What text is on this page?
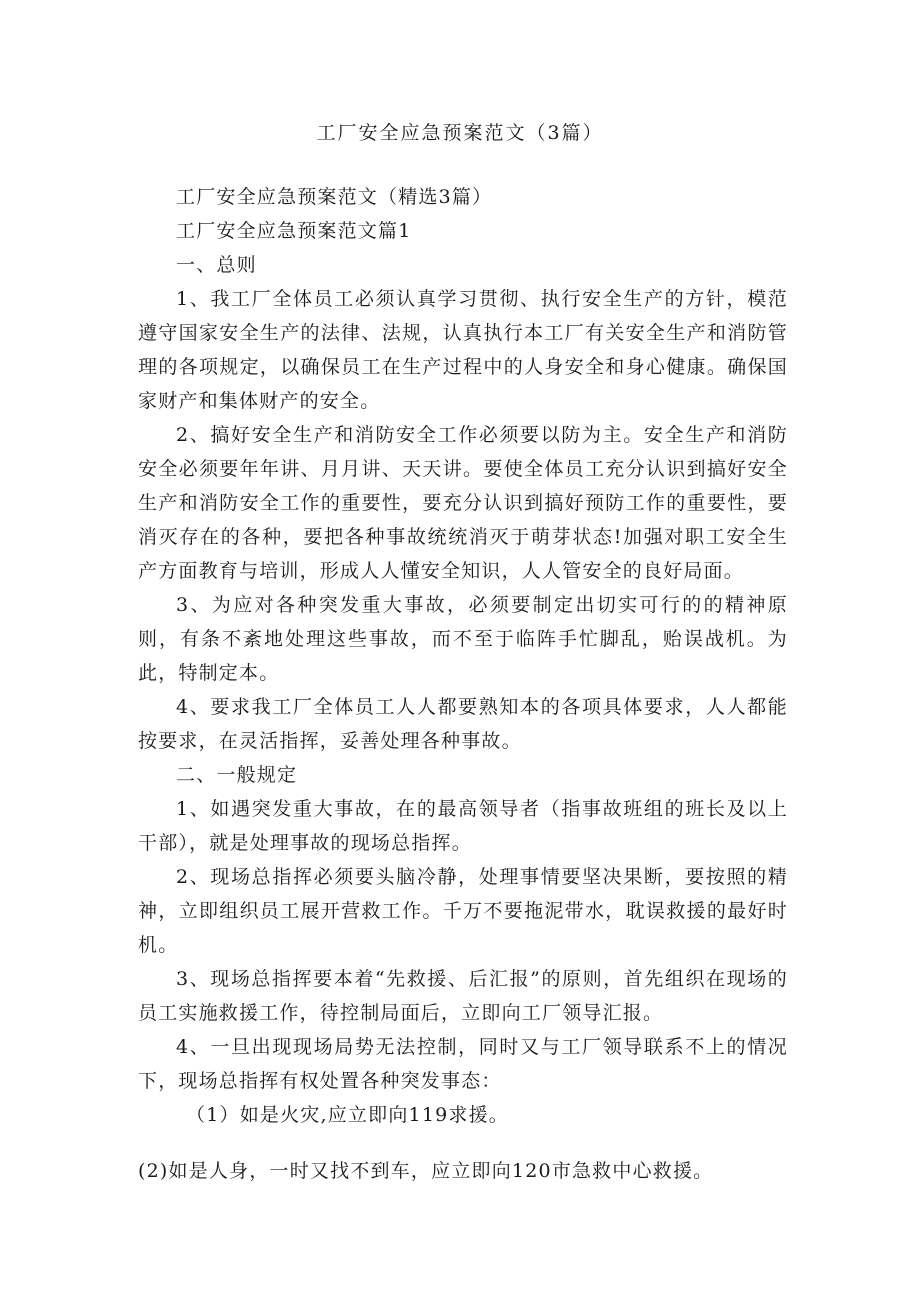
工厂安全应急预案范文（3篇）

工厂安全应急预案范文（精选3篇）

工厂安全应急预案范文篇1

一、总则

1、我工厂全体员工必须认真学习贯彻、执行安全生产的方针，模范遵守国家安全生产的法律、法规，认真执行本工厂有关安全生产和消防管理的各项规定，以确保员工在生产过程中的人身安全和身心健康。确保国家财产和集体财产的安全。

2、搞好安全生产和消防安全工作必须要以防为主。安全生产和消防安全必须要年年讲、月月讲、天天讲。要使全体员工充分认识到搞好安全生产和消防安全工作的重要性，要充分认识到搞好预防工作的重要性，要消灭存在的各种，要把各种事故统统消灭于萌芽状态!加强对职工安全生产方面教育与培训，形成人人懂安全知识，人人管安全的良好局面。

3、为应对各种突发重大事故，必须要制定出切实可行的的精神原则，有条不紊地处理这些事故，而不至于临阵手忙脚乱，贻误战机。为此，特制定本。

4、要求我工厂全体员工人人都要熟知本的各项具体要求，人人都能按要求，在灵活指挥，妥善处理各种事故。

二、一般规定

1、如遇突发重大事故，在的最高领导者（指事故班组的班长及以上干部），就是处理事故的现场总指挥。

2、现场总指挥必须要头脑冷静，处理事情要坚决果断，要按照的精神，立即组织员工展开营救工作。千万不要拖泥带水，耽误救援的最好时机。

3、现场总指挥要本着“先救援、后汇报”的原则，首先组织在现场的员工实施救援工作，待控制局面后，立即向工厂领导汇报。

4、一旦出现现场局势无法控制，同时又与工厂领导联系不上的情况下，现场总指挥有权处置各种突发事态：

（1）如是火灾,应立即向119求援。

(2)如是人身，一时又找不到车，应立即向120市急救中心救援。
